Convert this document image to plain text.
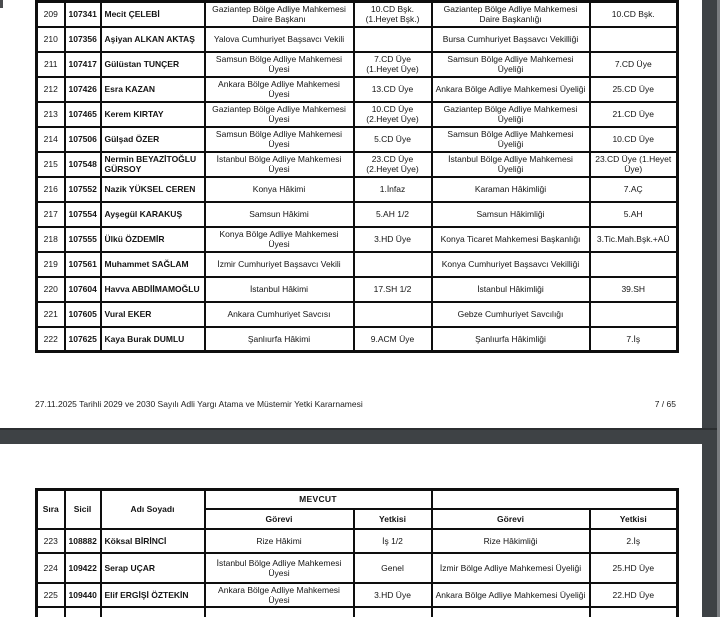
209	107341	Mecit ÇELEBİ	Gaziantep Bölge Adliye Mahkemesi Daire Başkanı	10.CD Bşk. (1.Heyet Bşk.)	Gaziantep Bölge Adliye Mahkemesi Daire Başkanlığı	10.CD Bşk.
210	107356	Aşiyan ALKAN AKTAŞ	Yalova Cumhuriyet Başsavcı Vekili		Bursa Cumhuriyet Başsavcı Vekilliği	
211	107417	Gülüstan TUNÇER	Samsun Bölge Adliye Mahkemesi Üyesi	7.CD Üye (1.Heyet Üye)	Samsun Bölge Adliye Mahkemesi Üyeliği	7.CD Üye
212	107426	Esra KAZAN	Ankara Bölge Adliye Mahkemesi Üyesi	13.CD Üye	Ankara Bölge Adliye Mahkemesi Üyeliği	25.CD Üye
213	107465	Kerem KIRTAY	Gaziantep Bölge Adliye Mahkemesi Üyesi	10.CD Üye (2.Heyet Üye)	Gaziantep Bölge Adliye Mahkemesi Üyeliği	21.CD Üye
214	107506	Gülşad ÖZER	Samsun Bölge Adliye Mahkemesi Üyesi	5.CD Üye	Samsun Bölge Adliye Mahkemesi Üyeliği	10.CD Üye
215	107548	Nermin BEYAZİTOĞLU GÜRSOY	İstanbul Bölge Adliye Mahkemesi Üyesi	23.CD Üye (2.Heyet Üye)	İstanbul Bölge Adliye Mahkemesi Üyeliği	23.CD Üye (1.Heyet Üye)
216	107552	Nazik YÜKSEL CEREN	Konya Hâkimi	1.İnfaz	Karaman Hâkimliği	7.AÇ
217	107554	Ayşegül KARAKUŞ	Samsun Hâkimi	5.AH 1/2	Samsun Hâkimliği	5.AH
218	107555	Ülkü ÖZDEMİR	Konya Bölge Adliye Mahkemesi Üyesi	3.HD Üye	Konya Ticaret Mahkemesi Başkanlığı	3.Tic.Mah.Bşk.+AÜ
219	107561	Muhammet SAĞLAM	İzmir Cumhuriyet Başsavcı Vekili		Konya Cumhuriyet Başsavcı Vekilliği	
220	107604	Havva ABDİİMAMOĞLU	İstanbul Hâkimi	17.SH 1/2	İstanbul Hâkimliği	39.SH
221	107605	Vural EKER	Ankara Cumhuriyet Savcısı		Gebze Cumhuriyet Savcılığı	
222	107625	Kaya Burak DUMLU	Şanlıurfa Hâkimi	9.ACM Üye	Şanlıurfa Hâkimliği	7.İş
27.11.2025 Tarihli 2029 ve 2030 Sayılı Adli Yargı Atama ve Müstemir Yetki Kararnamesi	7 / 65
Sıra	Sicil	Adı Soyadı	MEVCUT		YENİ	
			Görevi	Yetkisi	Görevi	Yetkisi
223	108882	Köksal BİRİNCİ	Rize Hâkimi	İş 1/2	Rize Hâkimliği	2.İş
224	109422	Serap UÇAR	İstanbul Bölge Adliye Mahkemesi Üyesi	Genel	İzmir Bölge Adliye Mahkemesi Üyeliği	25.HD Üye
225	109440	Elif ERGİŞİ ÖZTEKİN	Ankara Bölge Adliye Mahkemesi Üyesi	3.HD Üye	Ankara Bölge Adliye Mahkemesi Üyeliği	22.HD Üye
